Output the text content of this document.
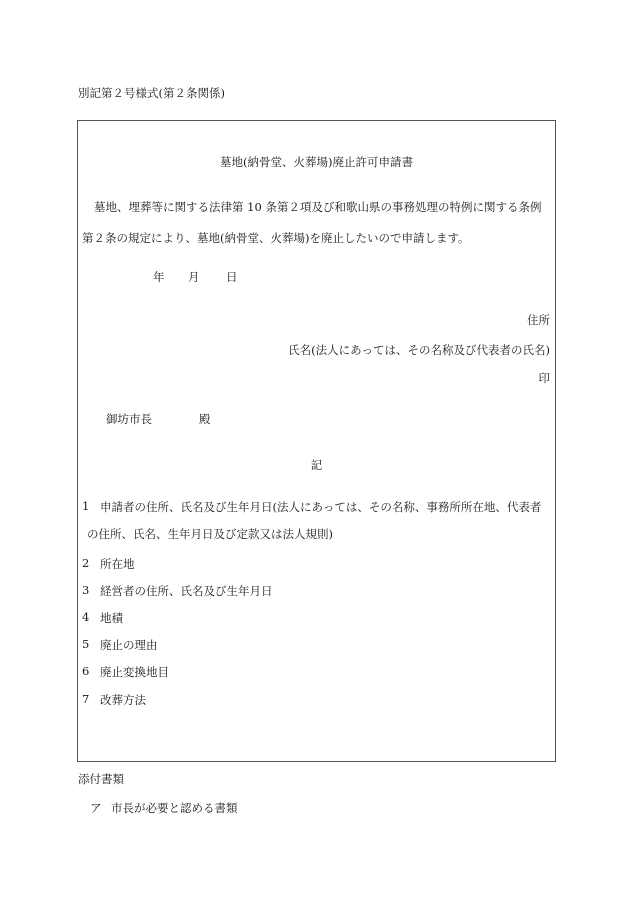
別記第２号様式(第２条関係)
墓地(納骨堂、火葬場)廃止許可申請書
墓地、埋葬等に関する法律第 10 条第２項及び和歌山県の事務処理の特例に関する条例
第２条の規定により、墓地(納骨堂、火葬場)を廃止したいので申請します。
年 月 日
住所
氏名(法人にあっては、その名称及び代表者の氏名)
印
御坊市長	殿
記
1 申請者の住所、氏名及び生年月日(法人にあっては、その名称、事務所所在地、代表者
の住所、氏名、生年月日及び定款又は法人規則)
2 所在地
3 経営者の住所、氏名及び生年月日
4 地積
5 廃止の理由
6 廃止変換地目
7 改葬方法
添付書類
ア 市長が必要と認める書類
